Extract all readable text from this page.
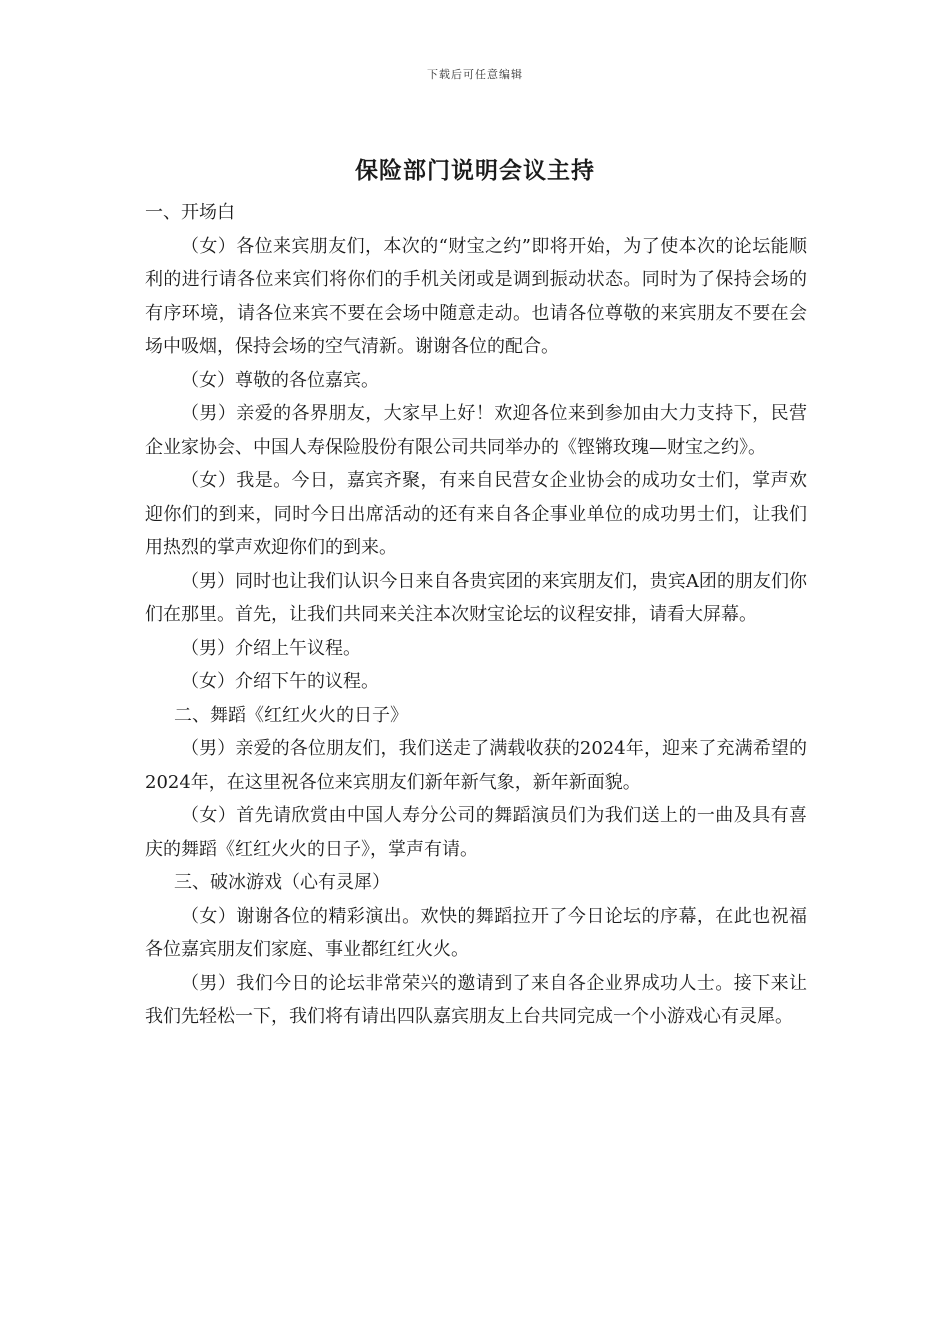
下载后可任意编辑
保险部门说明会议主持

一、开场白

（女）各位来宾朋友们，本次的“财宝之约”即将开始，为了使本次的论坛能顺利的进行请各位来宾们将你们的手机关闭或是调到振动状态。同时为了保持会场的有序环境，请各位来宾不要在会场中随意走动。也请各位尊敬的来宾朋友不要在会场中吸烟，保持会场的空气清新。谢谢各位的配合。

（女）尊敬的各位嘉宾。

（男）亲爱的各界朋友，大家早上好！欢迎各位来到参加由大力支持下，民营企业家协会、中国人寿保险股份有限公司共同举办的《铿锵玫瑰—财宝之约》。

（女）我是。今日，嘉宾齐聚，有来自民营女企业协会的成功女士们，掌声欢迎你们的到来，同时今日出席活动的还有来自各企事业单位的成功男士们，让我们用热烈的掌声欢迎你们的到来。

（男）同时也让我们认识今日来自各贵宾团的来宾朋友们，贵宾A团的朋友们你们在那里。首先，让我们共同来关注本次财宝论坛的议程安排，请看大屏幕。

（男）介绍上午议程。

（女）介绍下午的议程。

二、舞蹈《红红火火的日子》

（男）亲爱的各位朋友们，我们送走了满载收获的2024年，迎来了充满希望的2024年，在这里祝各位来宾朋友们新年新气象，新年新面貌。

（女）首先请欣赏由中国人寿分公司的舞蹈演员们为我们送上的一曲及具有喜庆的舞蹈《红红火火的日子》，掌声有请。

三、破冰游戏（心有灵犀）

（女）谢谢各位的精彩演出。欢快的舞蹈拉开了今日论坛的序幕，在此也祝福各位嘉宾朋友们家庭、事业都红红火火。

（男）我们今日的论坛非常荣兴的邀请到了来自各企业界成功人士。接下来让我们先轻松一下，我们将有请出四队嘉宾朋友上台共同完成一个小游戏心有灵犀。
